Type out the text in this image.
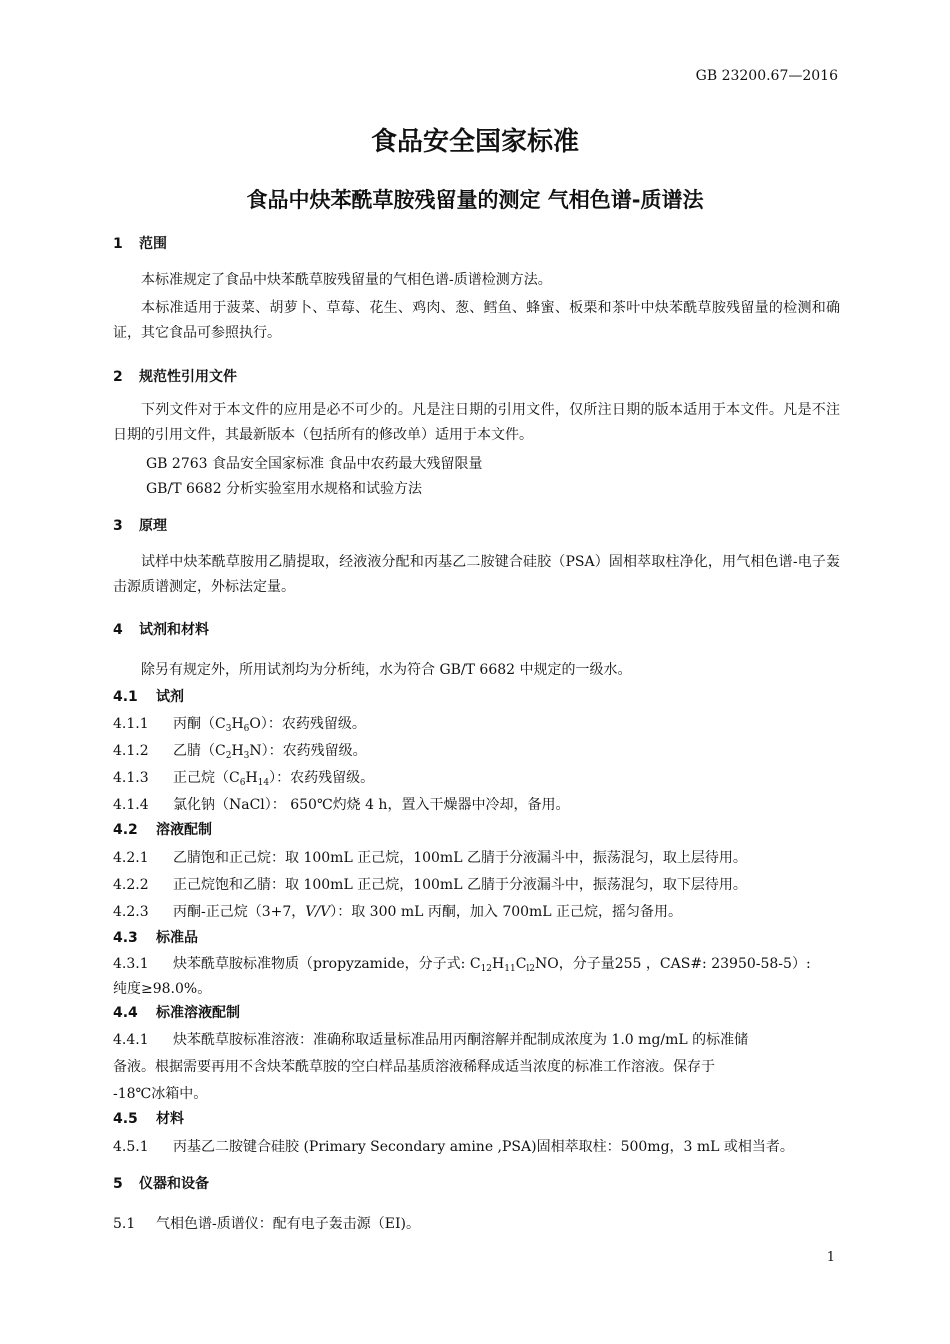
GB 23200.67—2016
食品安全国家标准
食品中炔苯酰草胺残留量的测定 气相色谱-质谱法
1 范围
本标准规定了食品中炔苯酰草胺残留量的气相色谱-质谱检测方法。
本标准适用于菠菜、胡萝卜、草莓、花生、鸡肉、葱、鳕鱼、蜂蜜、板栗和茶叶中炔苯酰草胺残留量的检测和确证，其它食品可参照执行。
2 规范性引用文件
下列文件对于本文件的应用是必不可少的。凡是注日期的引用文件，仅所注日期的版本适用于本文件。凡是不注日期的引用文件，其最新版本（包括所有的修改单）适用于本文件。
GB 2763 食品安全国家标准 食品中农药最大残留限量
GB/T 6682 分析实验室用水规格和试验方法
3 原理
试样中炔苯酰草胺用乙腈提取，经液液分配和丙基乙二胺键合硅胶（PSA）固相萃取柱净化，用气相色谱-电子轰击源质谱测定，外标法定量。
4 试剂和材料
除另有规定外，所用试剂均为分析纯，水为符合 GB/T 6682 中规定的一级水。
4.1 试剂
4.1.1 丙酮$(C_3H_6O)$：农药残留级。
4.1.2 乙腈$(C_2H_3N)$：农药残留级。
4.1.3 正己烷$(C_6H_{14})$：农药残留级。
4.1.4 氯化钠（NaCl）： 650℃灼烧 4 h，置入干燥器中冷却，备用。
4.2 溶液配制
4.2.1 乙腈饱和正己烷：取 100mL 正己烷，100mL 乙腈于分液漏斗中，振荡混匀，取上层待用。
4.2.2 正己烷饱和乙腈：取 100mL 正己烷，100mL 乙腈于分液漏斗中，振荡混匀，取下层待用。
4.2.3 丙酮-正己烷（3+7，V/V）：取 300 mL 丙酮，加入 700mL 正己烷，摇匀备用。
4.3 标准品
4.3.1 炔苯酰草胺标准物质（propyzamide，分子式: $C_{12}H_{11}C_{l2}NO$，分子量255 ，CAS#: 23950-58-5）:
纯度≥98.0%。
4.4 标准溶液配制
4.4.1 炔苯酰草胺标准溶液：准确称取适量标准品用丙酮溶解并配制成浓度为 1.0 mg/mL 的标准储
备液。根据需要再用不含炔苯酰草胺的空白样品基质溶液稀释成适当浓度的标准工作溶液。保存于
-18℃冰箱中。
4.5 材料
4.5.1 丙基乙二胺键合硅胶 (Primary Secondary amine ,PSA)固相萃取柱：500mg，3 mL 或相当者。
5 仪器和设备
5.1 气相色谱-质谱仪：配有电子轰击源（EI)。
1
